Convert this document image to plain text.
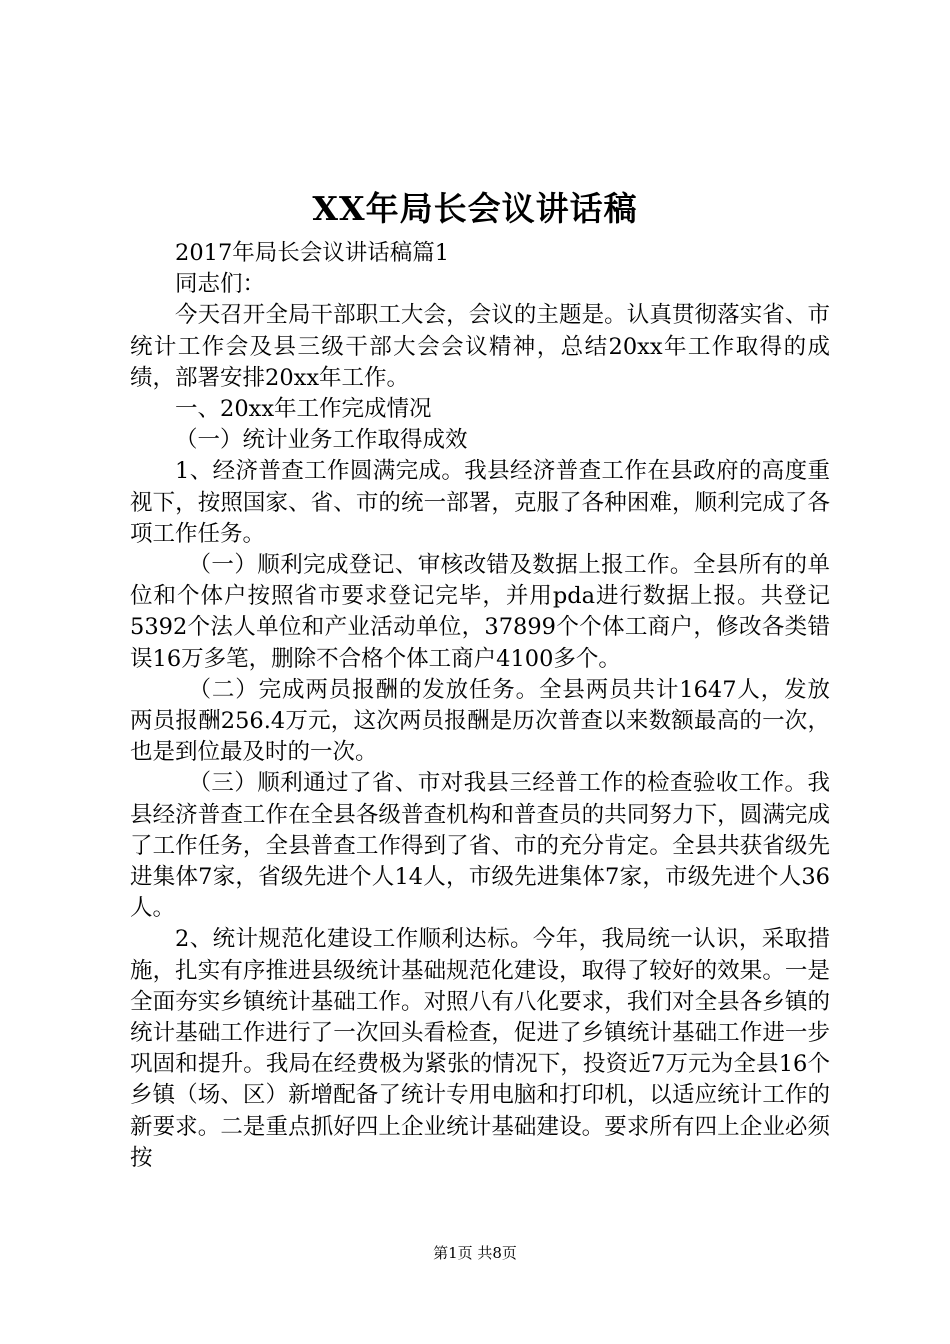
XX年局长会议讲话稿

2017年局长会议讲话稿篇1

同志们：

今天召开全局干部职工大会，会议的主题是。认真贯彻落实省、市统计工作会及县三级干部大会会议精神，总结20xx年工作取得的成绩，部署安排20xx年工作。

一、20xx年工作完成情况

（一）统计业务工作取得成效

1、经济普查工作圆满完成。我县经济普查工作在县政府的高度重视下，按照国家、省、市的统一部署，克服了各种困难，顺利完成了各项工作任务。

（一）顺利完成登记、审核改错及数据上报工作。全县所有的单位和个体户按照省市要求登记完毕，并用pda进行数据上报。共登记5392个法人单位和产业活动单位，37899个个体工商户，修改各类错误16万多笔，删除不合格个体工商户4100多个。

（二）完成两员报酬的发放任务。全县两员共计1647人，发放两员报酬256.4万元，这次两员报酬是历次普查以来数额最高的一次，也是到位最及时的一次。

（三）顺利通过了省、市对我县三经普工作的检查验收工作。我县经济普查工作在全县各级普查机构和普查员的共同努力下，圆满完成了工作任务，全县普查工作得到了省、市的充分肯定。全县共获省级先进集体7家，省级先进个人14人，市级先进集体7家，市级先进个人36人。

2、统计规范化建设工作顺利达标。今年，我局统一认识，采取措施，扎实有序推进县级统计基础规范化建设，取得了较好的效果。一是全面夯实乡镇统计基础工作。对照八有八化要求，我们对全县各乡镇的统计基础工作进行了一次回头看检查，促进了乡镇统计基础工作进一步巩固和提升。我局在经费极为紧张的情况下，投资近7万元为全县16个乡镇（场、区）新增配备了统计专用电脑和打印机，以适应统计工作的新要求。二是重点抓好四上企业统计基础建设。要求所有四上企业必须按

第1页 共8页
